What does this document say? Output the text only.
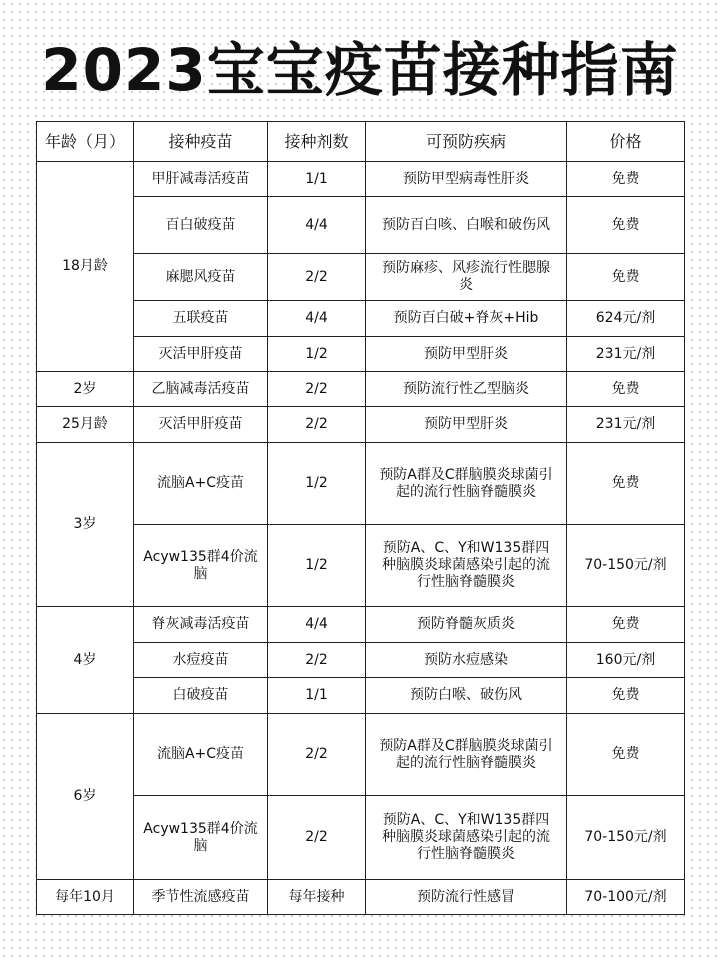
2023宝宝疫苗接种指南
年龄（月）	接种疫苗	接种剂数	可预防疾病	价格
18月龄	甲肝减毒活疫苗	1/1	预防甲型病毒性肝炎	免费
	百白破疫苗	4/4	预防百白咳、白喉和破伤风	免费
	麻腮风疫苗	2/2	预防麻疹、风疹流行性腮腺炎	免费
	五联疫苗	4/4	预防百白破+脊灰+Hib	624元/剂
	灭活甲肝疫苗	1/2	预防甲型肝炎	231元/剂
2岁	乙脑减毒活疫苗	2/2	预防流行性乙型脑炎	免费
25月龄	灭活甲肝疫苗	2/2	预防甲型肝炎	231元/剂
3岁	流脑A+C疫苗	1/2	预防A群及C群脑膜炎球菌引起的流行性脑脊髓膜炎	免费
	Acyw135群4价流脑	1/2	预防A、C、Y和W135群四种脑膜炎球菌感染引起的流行性脑脊髓膜炎	70-150元/剂
4岁	脊灰减毒活疫苗	4/4	预防脊髓灰质炎	免费
	水痘疫苗	2/2	预防水痘感染	160元/剂
	白破疫苗	1/1	预防白喉、破伤风	免费
6岁	流脑A+C疫苗	2/2	预防A群及C群脑膜炎球菌引起的流行性脑脊髓膜炎	免费
	Acyw135群4价流脑	2/2	预防A、C、Y和W135群四种脑膜炎球菌感染引起的流行性脑脊髓膜炎	70-150元/剂
每年10月	季节性流感疫苗	每年接种	预防流行性感冒	70-100元/剂
